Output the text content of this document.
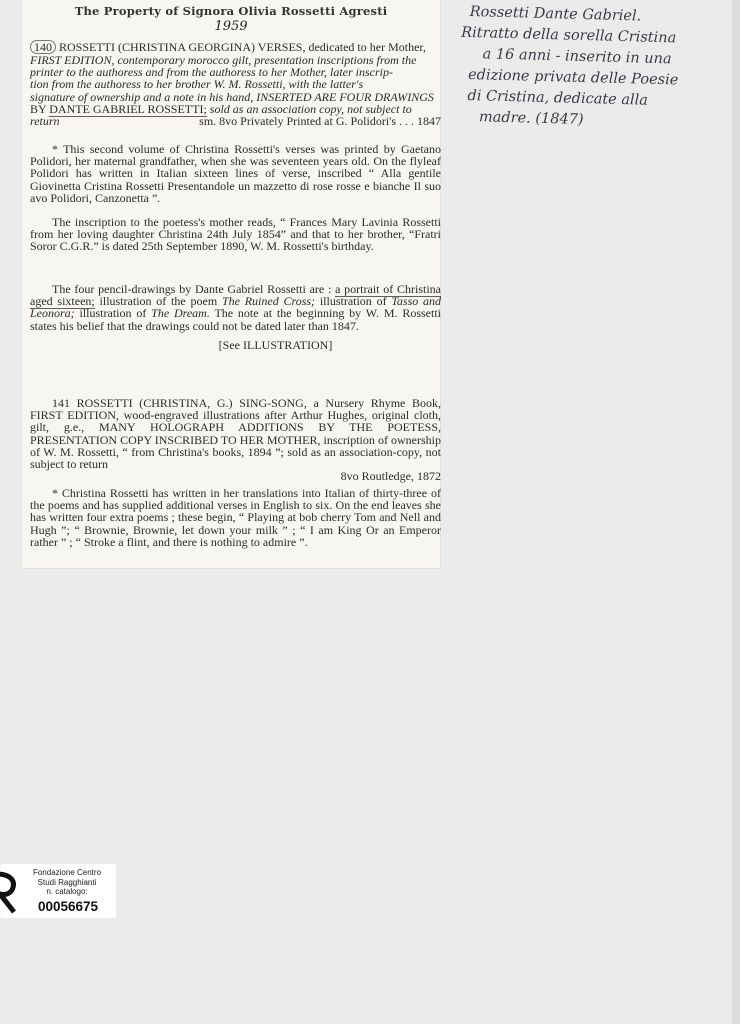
The Property of Signora Olivia Rossetti Agresti
1959

140 ROSSETTI (CHRISTINA GEORGINA) VERSES, dedicated to her Mother,

FIRST EDITION, contemporary morocco gilt, presentation inscriptions from the

printer to the authoress and from the authoress to her Mother, later inscrip-

tion from the authoress to her brother W. M. Rossetti, with the latter's

signature of ownership and a note in his hand, INSERTED ARE FOUR DRAWINGS

BY DANTE GABRIEL ROSSETTI; sold as an association copy, not subject to

return	sm. 8vo Privately Printed at G. Polidori's . . . 1847

* This second volume of Christina Rossetti's verses was printed by Gaetano Polidori, her maternal grandfather, when she was seventeen years old. On the flyleaf Polidori has written in Italian sixteen lines of verse, inscribed “ Alla gentile Giovinetta Cristina Rossetti Presentandole un mazzetto di rose rosse e bianche Il suo avo Polidori, Canzonetta ”.

The inscription to the poetess's mother reads, “ Frances Mary Lavinia Rossetti from her loving daughter Christina 24th July 1854” and that to her brother, “Fratri Soror C.G.R.” is dated 25th September 1890, W. M. Rossetti's birthday.

The four pencil-drawings by Dante Gabriel Rossetti are : a portrait of Christina aged sixteen; illustration of the poem The Ruined Cross; illustration of Tasso and Leonora; illustration of The Dream. The note at the beginning by W. M. Rossetti states his belief that the drawings could not be dated later than 1847.

[See ILLUSTRATION]

141 ROSSETTI (CHRISTINA, G.) SING-SONG, a Nursery Rhyme Book, FIRST EDITION, wood-engraved illustrations after Arthur Hughes, original cloth, gilt, g.e., MANY HOLOGRAPH ADDITIONS BY THE POETESS, PRESENTATION COPY INSCRIBED TO HER MOTHER, inscription of ownership of W. M. Rossetti, “ from Christina's books, 1894 ”; sold as an association-copy, not subject to return

8vo Routledge, 1872

* Christina Rossetti has written in her translations into Italian of thirty-three of the poems and has supplied additional verses in English to six. On the end leaves she has written four extra poems ; these begin, “ Playing at bob cherry Tom and Nell and Hugh ”; “ Brownie, Brownie, let down your milk ” ; “ I am King Or an Emperor rather ” ; “ Stroke a flint, and there is nothing to admire ”.

Rossetti Dante Gabriel.
Ritratto della sorella Cristina
a 16 anni - inserito in una
edizione privata delle Poesie
di Cristina, dedicate alla
madre. (1847)
Fondazione Centro
Studi Ragghianti
n. catalogo:
00056675
